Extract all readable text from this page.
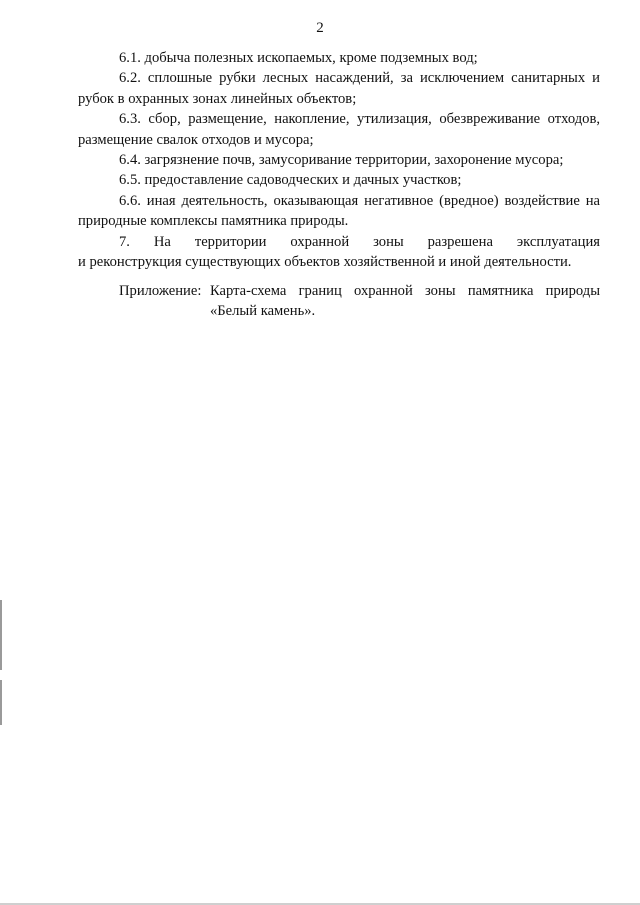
2

6.1. добыча полезных ископаемых, кроме подземных вод;

6.2. сплошные рубки лесных насаждений, за исключением санитарных и рубок в охранных зонах линейных объектов;

6.3. сбор, размещение, накопление, утилизация, обезвреживание отходов, размещение свалок отходов и мусора;

6.4. загрязнение почв, замусоривание территории, захоронение мусора;

6.5. предоставление садоводческих и дачных участков;

6.6. иная деятельность, оказывающая негативное (вредное) воздействие на природные комплексы памятника природы.

7. На территории охранной зоны разрешена эксплуатация

и реконструкция существующих объектов хозяйственной и иной деятельности.

Приложение: Карта-схема границ охранной зоны памятника природы
«Белый камень».
